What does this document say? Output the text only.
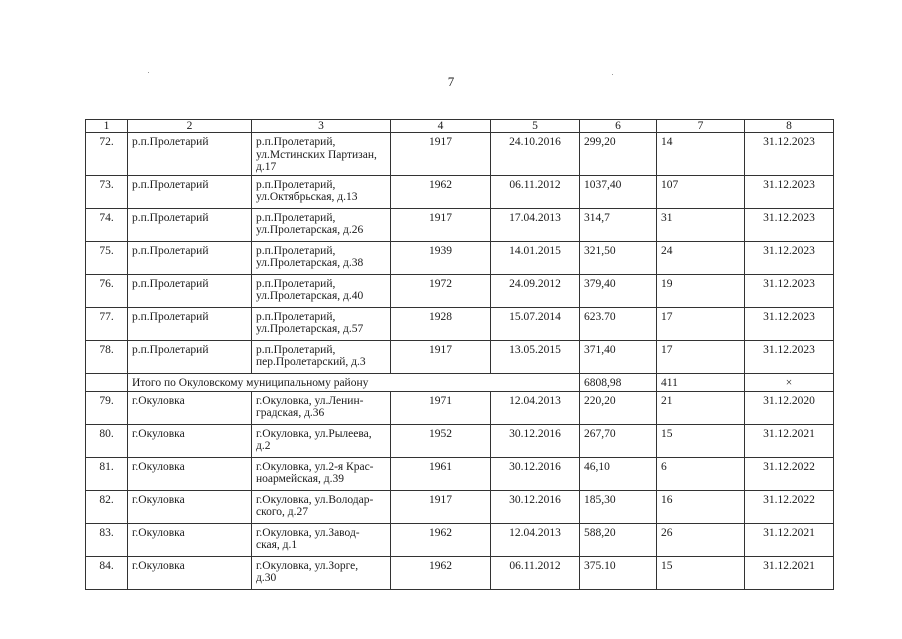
7
1	2	3	4	5	6	7	8
72.	р.п.Пролетарий	р.п.Пролетарий,
ул.Мстинских Партизан,
д.17	1917	24.10.2016	299,20	14	31.12.2023
73.	р.п.Пролетарий	р.п.Пролетарий,
ул.Октябрьская, д.13	1962	06.11.2012	1037,40	107	31.12.2023
74.	р.п.Пролетарий	р.п.Пролетарий,
ул.Пролетарская, д.26	1917	17.04.2013	314,7	31	31.12.2023
75.	р.п.Пролетарий	р.п.Пролетарий,
ул.Пролетарская, д.38	1939	14.01.2015	321,50	24	31.12.2023
76.	р.п.Пролетарий	р.п.Пролетарий,
ул.Пролетарская, д.40	1972	24.09.2012	379,40	19	31.12.2023
77.	р.п.Пролетарий	р.п.Пролетарий,
ул.Пролетарская, д.57	1928	15.07.2014	623.70	17	31.12.2023
78.	р.п.Пролетарий	р.п.Пролетарий,
пер.Пролетарский, д.3	1917	13.05.2015	371,40	17	31.12.2023
	Итого по Окуловскому муниципальному району				6808,98	411	×
79.	г.Окуловка	г.Окуловка, ул.Ленин-
градская, д.36	1971	12.04.2013	220,20	21	31.12.2020
80.	г.Окуловка	г.Окуловка, ул.Рылеева,
д.2	1952	30.12.2016	267,70	15	31.12.2021
81.	г.Окуловка	г.Окуловка, ул.2-я Крас-
ноармейская, д.39	1961	30.12.2016	46,10	6	31.12.2022
82.	г.Окуловка	г.Окуловка, ул.Володар-
ского, д.27	1917	30.12.2016	185,30	16	31.12.2022
83.	г.Окуловка	г.Окуловка, ул.Завод-
ская, д.1	1962	12.04.2013	588,20	26	31.12.2021
84.	г.Окуловка	г.Окуловка, ул.Зорге,
д.30	1962	06.11.2012	375.10	15	31.12.2021
